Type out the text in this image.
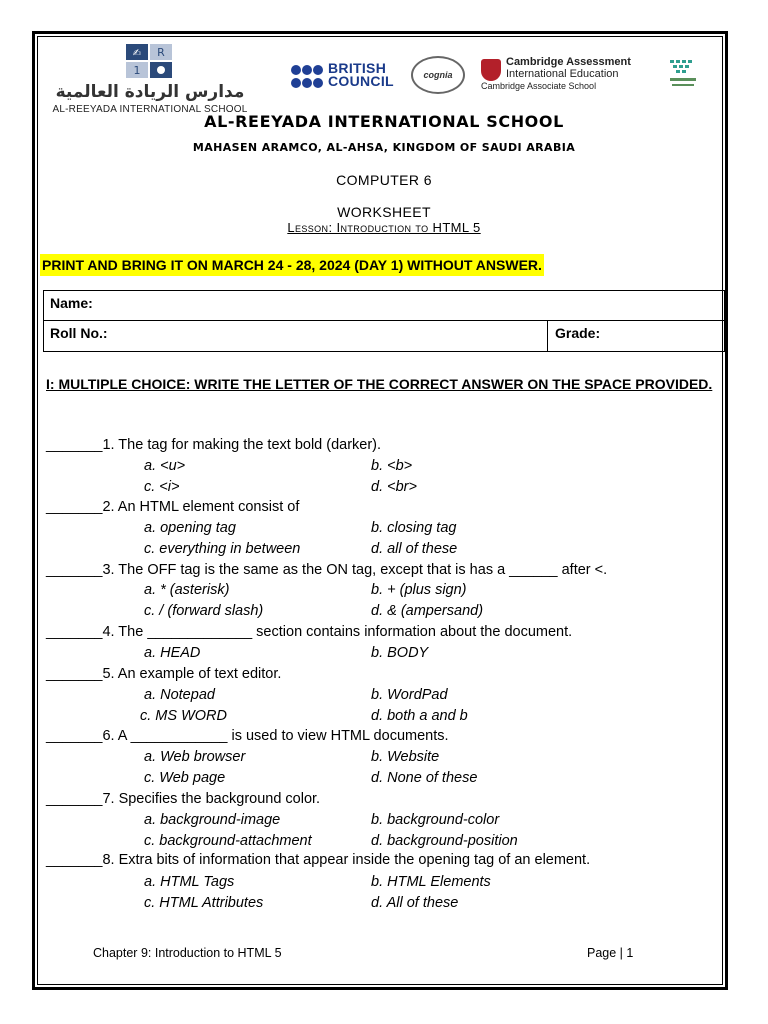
✍ R
1
مدارس الريادة العالمية
AL-REEYADA INTERNATIONAL SCHOOL
BRITISH
COUNCIL	cognia
Cambridge Assessment
International Education
Cambridge Associate School
AL-REEYADA INTERNATIONAL SCHOOL
MAHASEN ARAMCO, AL-AHSA, KINGDOM OF SAUDI ARABIA
COMPUTER 6
WORKSHEET
Lesson: Introduction to HTML 5
PRINT AND BRING IT ON MARCH 24 - 28, 2024 (DAY 1) WITHOUT ANSWER.
Name:
Roll No.:	Grade:
I: MULTIPLE CHOICE: WRITE THE LETTER OF THE CORRECT ANSWER ON THE SPACE PROVIDED.
_______1. The tag for making the text bold (darker).
a. <u>	b. <b>
c. <i>	d. <br>
_______2. An HTML element consist of
a. opening tag	b. closing tag
c. everything in between	d. all of these
_______3. The OFF tag is the same as the ON tag, except that is has a ______ after <.
a. * (asterisk)	b. + (plus sign)
c. / (forward slash)	d. & (ampersand)
_______4. The _____________ section contains information about the document.
a. HEAD	b. BODY
_______5. An example of text editor.
a. Notepad	b. WordPad
c. MS WORD	d. both a and b
_______6. A ____________ is used to view HTML documents.
a. Web browser	b. Website
c. Web page	d. None of these
_______7. Specifies the background color.
a. background-image	b. background-color
c. background-attachment	d. background-position
_______8. Extra bits of information that appear inside the opening tag of an element.
a. HTML Tags	b. HTML Elements
c. HTML Attributes	d. All of these
Chapter 9: Introduction to HTML 5	Page | 1
